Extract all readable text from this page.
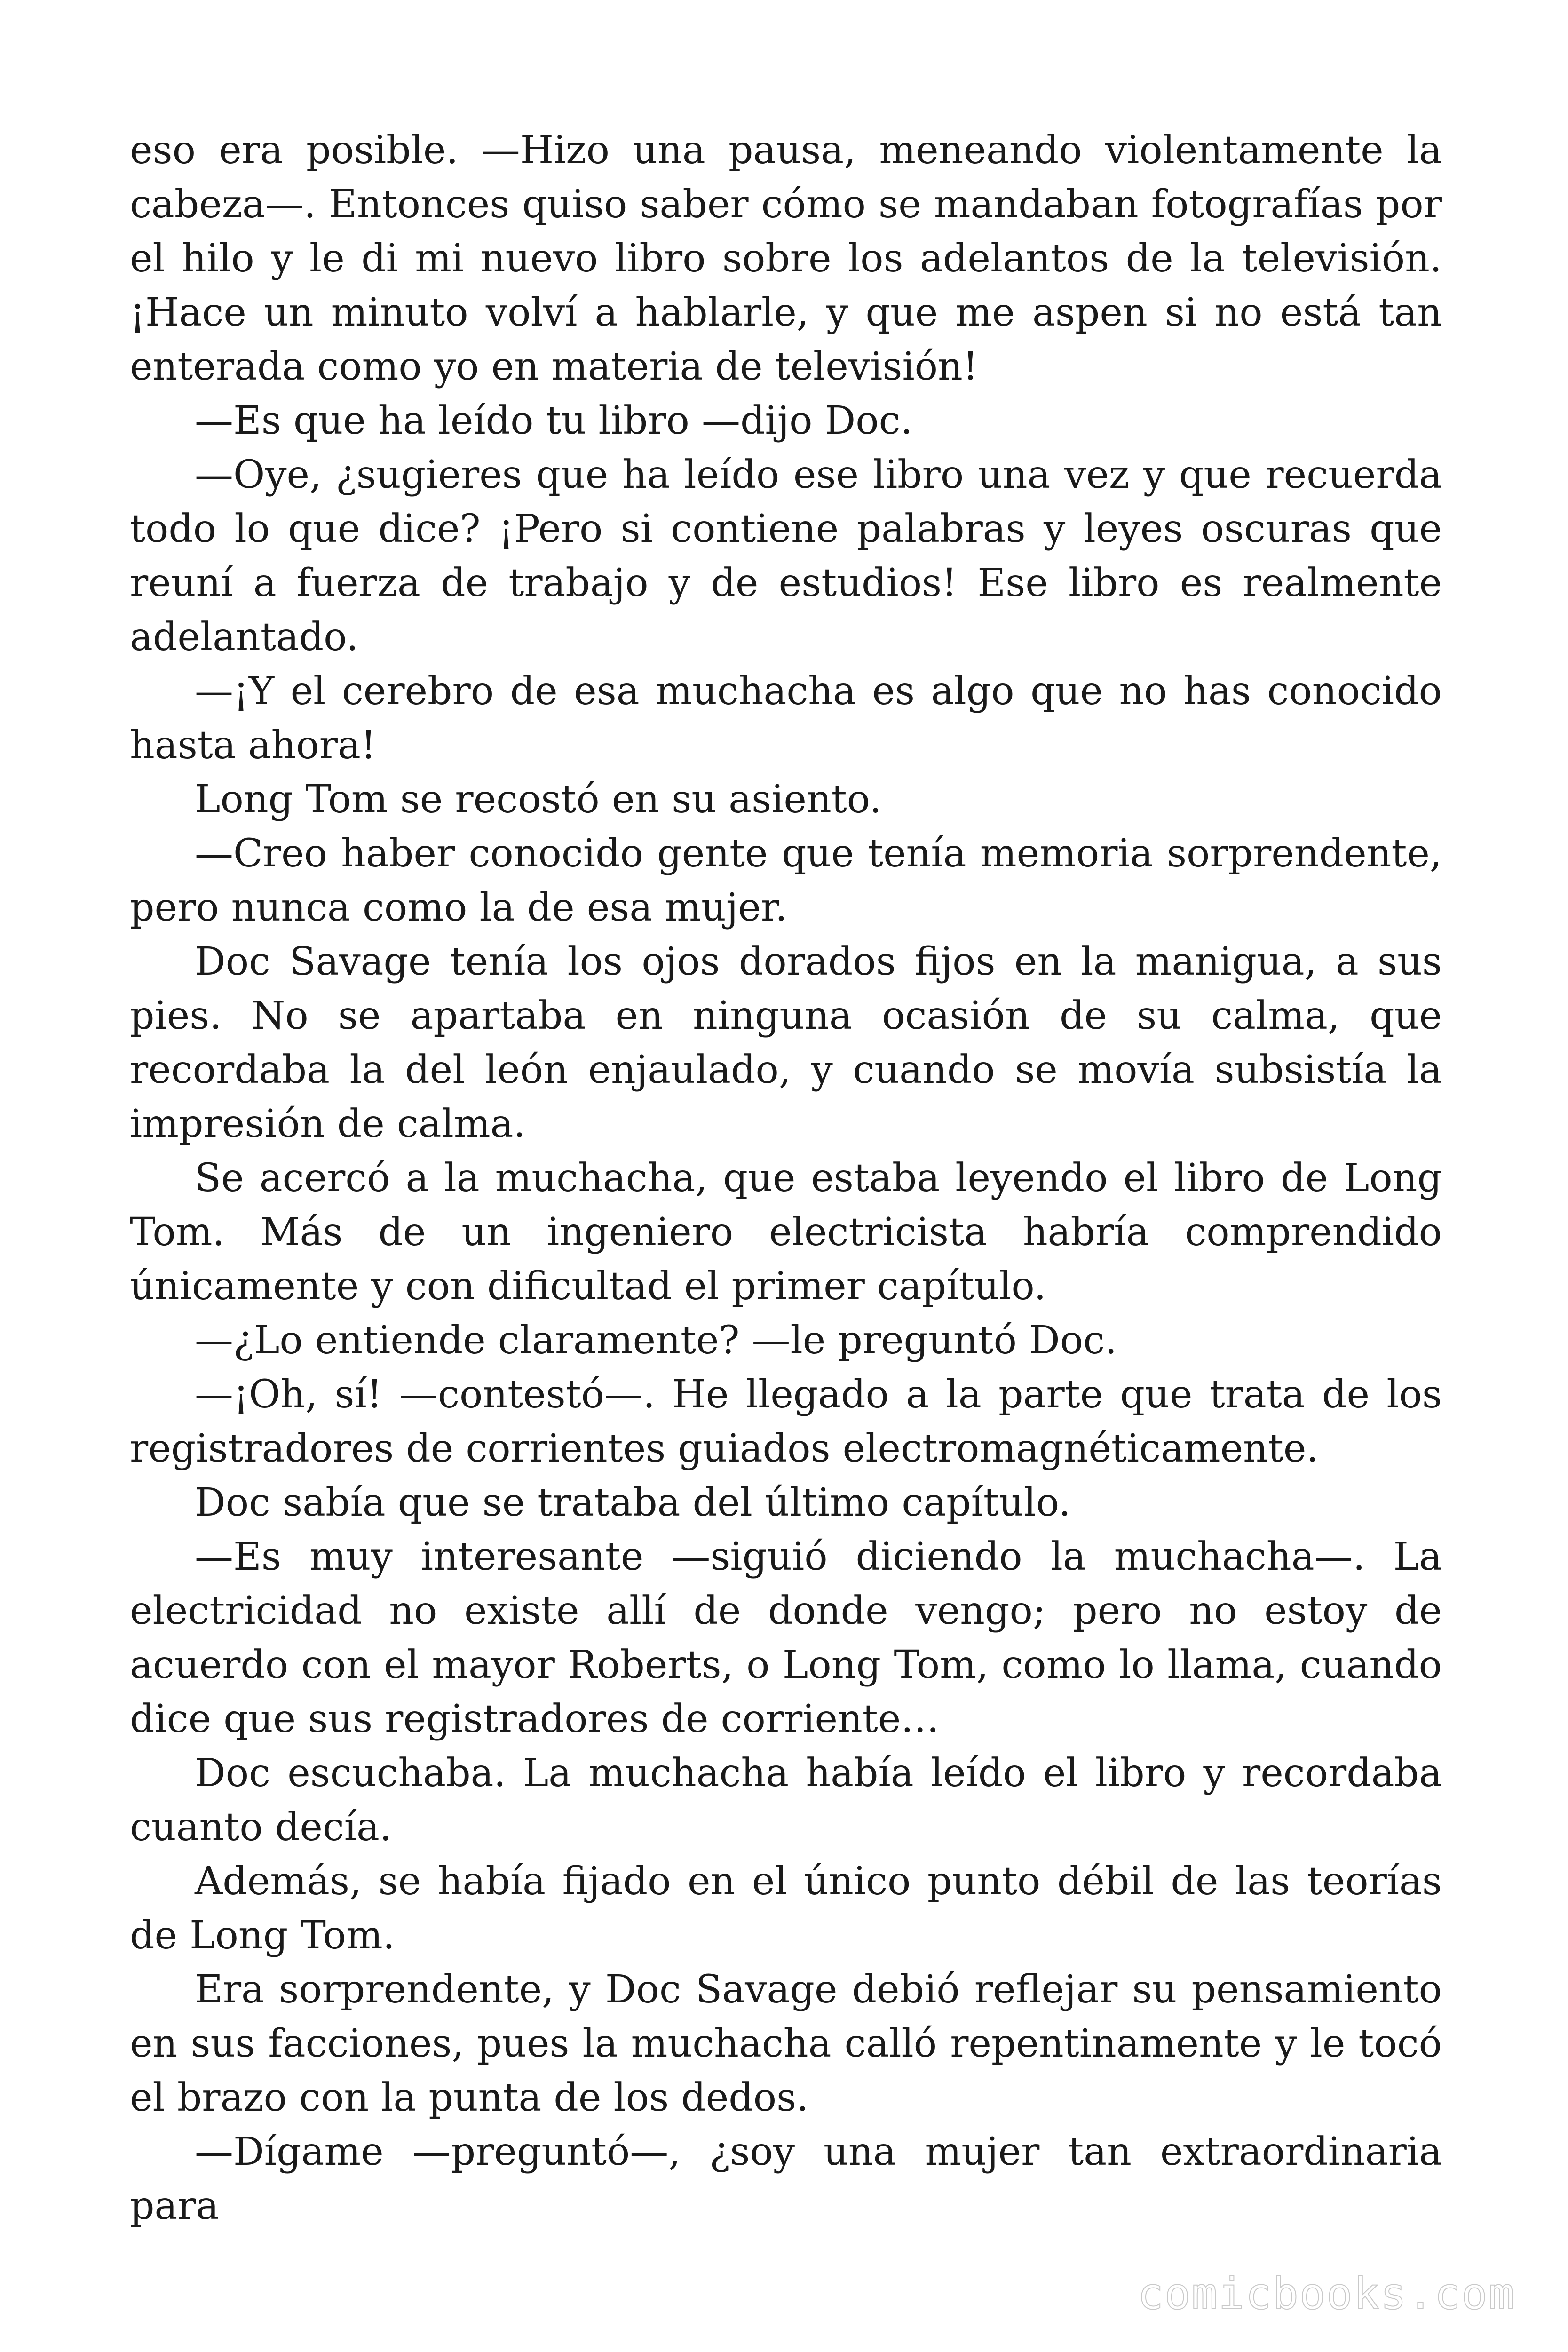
eso era posible. —Hizo una pausa, meneando violentamente la cabeza—. Entonces quiso saber cómo se mandaban fotografías por el hilo y le di mi nuevo libro sobre los adelantos de la televisión. ¡Hace un minuto volví a hablarle, y que me aspen si no está tan enterada como yo en materia de televisión!

—Es que ha leído tu libro —dijo Doc.

—Oye, ¿sugieres que ha leído ese libro una vez y que recuerda todo lo que dice? ¡Pero si contiene palabras y leyes oscuras que reuní a fuerza de trabajo y de estudios! Ese libro es realmente adelantado.

—¡Y el cerebro de esa muchacha es algo que no has conocido hasta ahora!

Long Tom se recostó en su asiento.

—Creo haber conocido gente que tenía memoria sorprendente, pero nunca como la de esa mujer.

Doc Savage tenía los ojos dorados fijos en la manigua, a sus pies. No se apartaba en ninguna ocasión de su calma, que recordaba la del león enjaulado, y cuando se movía subsistía la impresión de calma.

Se acercó a la muchacha, que estaba leyendo el libro de Long Tom. Más de un ingeniero electricista habría comprendido únicamente y con dificultad el primer capítulo.

—¿Lo entiende claramente? —le preguntó Doc.

—¡Oh, sí! —contestó—. He llegado a la parte que trata de los registradores de corrientes guiados electromagnéticamente.

Doc sabía que se trataba del último capítulo.

—Es muy interesante —siguió diciendo la muchacha—. La electricidad no existe allí de donde vengo; pero no estoy de acuerdo con el mayor Roberts, o Long Tom, como lo llama, cuando dice que sus registradores de corriente…

Doc escuchaba. La muchacha había leído el libro y recordaba cuanto decía.

Además, se había fijado en el único punto débil de las teorías de Long Tom.

Era sorprendente, y Doc Savage debió reflejar su pensamiento en sus facciones, pues la muchacha calló repentinamente y le tocó el brazo con la punta de los dedos.

—Dígame —preguntó—, ¿soy una mujer tan extraordinaria para

comicbooks.com
